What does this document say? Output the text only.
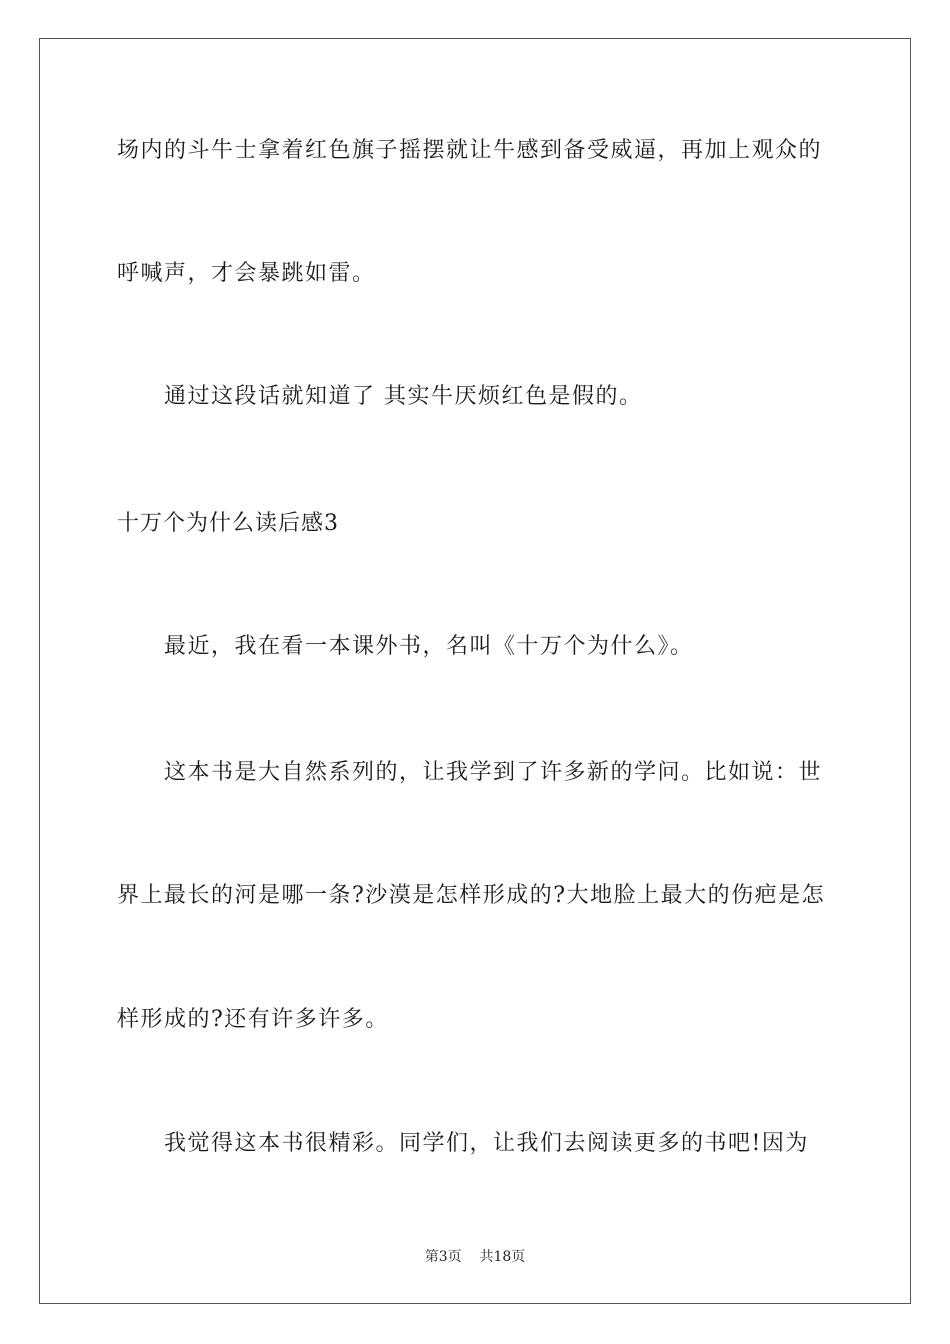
场内的斗牛士拿着红色旗子摇摆就让牛感到备受威逼，再加上观众的

呼喊声，才会暴跳如雷。

通过这段话就知道了 其实牛厌烦红色是假的。

十万个为什么读后感3

最近，我在看一本课外书，名叫《十万个为什么》。

这本书是大自然系列的，让我学到了许多新的学问。比如说：世

界上最长的河是哪一条?沙漠是怎样形成的?大地脸上最大的伤疤是怎

样形成的?还有许多许多。

我觉得这本书很精彩。同学们，让我们去阅读更多的书吧!因为

第3页 共18页
